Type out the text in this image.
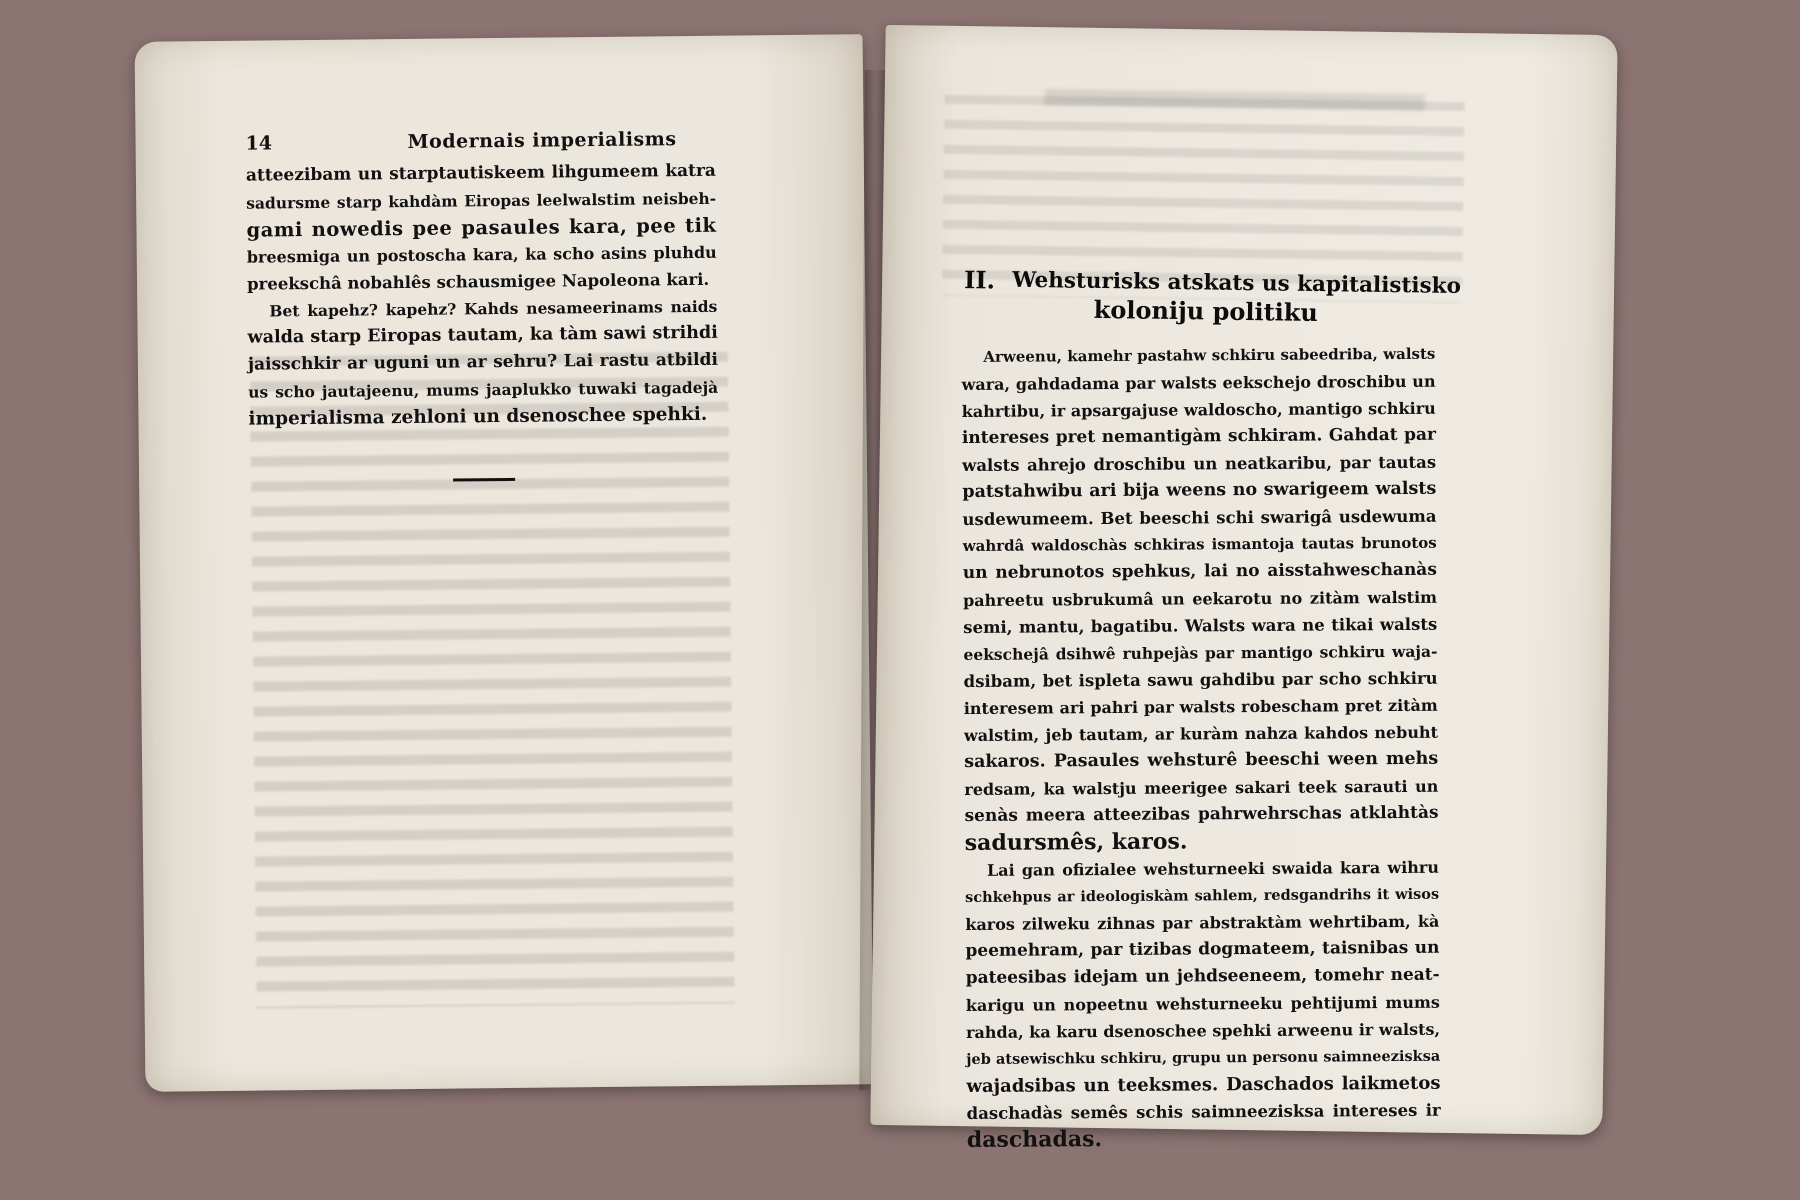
14	Modernais imperialisms
atteezibam un starptautiskeem lihgumeem katra
sadursme starp kahdàm Eiropas leelwalstim neisbeh-
gami nowedis pee pasaules kara, pee tik
breesmiga un postoscha kara, ka scho asins pluhdu
preekschâ nobahlês schausmigee Napoleona kari.
Bet kapehz? kapehz? Kahds nesameerinams naids
walda starp Eiropas tautam, ka tàm sawi strihdi
jaisschkir ar uguni un ar sehru? Lai rastu atbildi
us scho jautajeenu, mums jaaplukko tuwaki tagadejà
imperialisma zehloni un dsenoschee spehki.
II. Wehsturisks atskats us kapitalistisko
koloniju politiku
Arweenu, kamehr pastahw schkiru sabeedriba, walsts
wara, gahdadama par walsts eekschejo droschibu un
kahrtibu, ir apsargajuse waldoscho, mantigo schkiru
intereses pret nemantigàm schkiram. Gahdat par
walsts ahrejo droschibu un neatkaribu, par tautas
patstahwibu ari bija weens no swarigeem walsts
usdewumeem. Bet beeschi schi swarigâ usdewuma
wahrdâ waldoschàs schkiras ismantoja tautas brunotos
un nebrunotos spehkus, lai no aisstahweschanàs
pahreetu usbrukumâ un eekarotu no zitàm walstim
semi, mantu, bagatibu. Walsts wara ne tikai walsts
eekschejâ dsihwê ruhpejàs par mantigo schkiru waja-
dsibam, bet ispleta sawu gahdibu par scho schkiru
interesem ari pahri par walsts robescham pret zitàm
walstim, jeb tautam, ar kuràm nahza kahdos nebuht
sakaros. Pasaules wehsturê beeschi ween mehs
redsam, ka walstju meerigee sakari teek sarauti un
senàs meera atteezibas pahrwehrschas atklahtàs
sadursmês, karos.
Lai gan ofizialee wehsturneeki swaida kara wihru
schkehpus ar ideologiskàm sahlem, redsgandrihs it wisos
karos zilweku zihnas par abstraktàm wehrtibam, kà
peemehram, par tizibas dogmateem, taisnibas un
pateesibas idejam un jehdseeneem, tomehr neat-
karigu un nopeetnu wehsturneeku pehtijumi mums
rahda, ka karu dsenoschee spehki arweenu ir walsts,
jeb atsewischku schkiru, grupu un personu saimneezisksa
wajadsibas un teeksmes. Daschados laikmetos
daschadàs semês schis saimneezisksa intereses ir
daschadas.
